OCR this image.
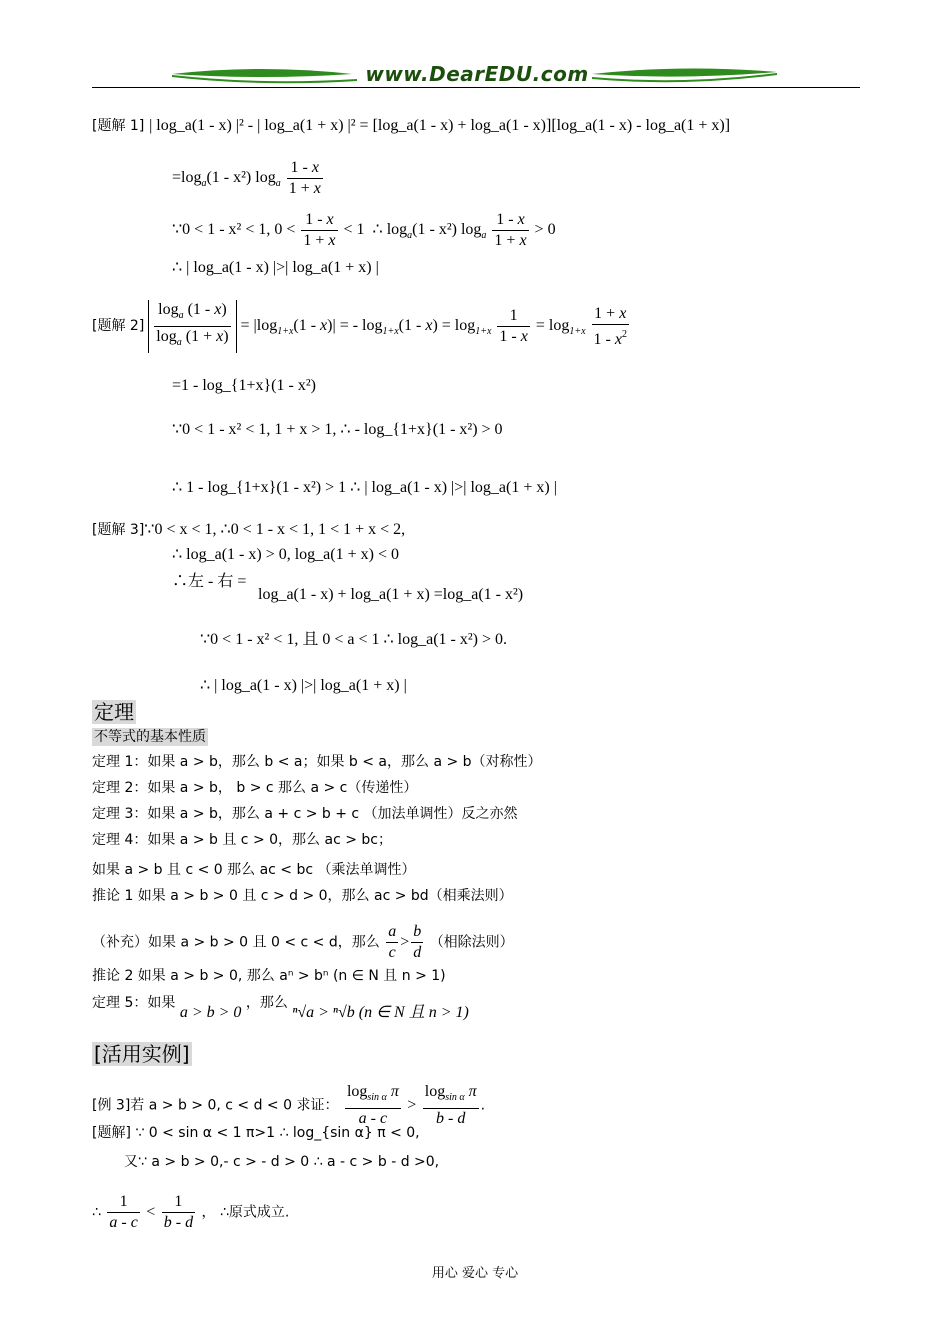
www.DearEDU.com
[题解 1] | log_a(1 - x) |² - | log_a(1 + x) |² = [log_a(1 - x) + log_a(1 - x)][log_a(1 - x) - log_a(1 + x)]
$=\log_a(1 - x^2)$ $\log_a \frac{1 - x}{1 + x}$
∵0 < 1 - x² < 1, $0 < \frac{1 - x}{1 + x} < 1$ ∴ $\log_a(1 - x^2)$ $\log_a \frac{1 - x}{1 + x} > 0$
∴ | log_a(1 - x) |>| log_a(1 + x) |
[题解 $2] \frac{\log_a (1 - x)}{\log_a (1 + x)} = |\log_{1+x}(1 - x)|$ = - $\log_{1+x}(1 - x) = \log_{1+x} \frac{1}{1 - x} = \log_{1+x} \frac{1 + x}{1 - x^2}$
=1 - log_{1+x}(1 - x²)
∵0 < 1 - x² < 1, 1 + x > 1, ∴ - log_{1+x}(1 - x²) > 0
∴ 1 - log_{1+x}(1 - x²) > 1 ∴ | log_a(1 - x) |>| log_a(1 + x) |
[题解 3]∵0 < x < 1, ∴0 < 1 - x < 1, 1 < 1 + x < 2,
∴ log_a(1 - x) > 0, log_a(1 + x) < 0
∴左 - 右 =
log_a(1 - x) + log_a(1 + x) =log_a(1 - x²)
∵0 < 1 - x² < 1, 且 0 < a < 1 ∴ log_a(1 - x²) > 0.
∴ | log_a(1 - x) |>| log_a(1 + x) |
定理
不等式的基本性质
定理 1：如果 a > b，那么 b < a；如果 b < a，那么 a > b（对称性）
定理 2：如果 a > b， b > c 那么 a > c（传递性）
定理 3：如果 a > b，那么 a + c > b + c （加法单调性）反之亦然
定理 4：如果 a > b 且 c > 0，那么 ac > bc；
如果 a > b 且 c < 0 那么 ac < bc （乘法单调性）
推论 1 如果 a > b > 0 且 c > d > 0，那么 ac > bd（相乘法则）
（补充）如果 a > b > 0 且 0 < c < d，那么 $\frac{a}{c} > \frac{b}{d}$ （相除法则）
推论 2 如果 a > b > 0, 那么 aⁿ > bⁿ (n ∈ N 且 n > 1)
定理 5：如果 a > b > 0 ，那么 ⁿ√a > ⁿ√b (n ∈ N 且 n > 1)
[活用实例]
[例 3]若 a > b > 0, c < d < 0 求证： $\frac{\log_{sin \alpha} \pi}{a - c} > \frac{\log_{sin \alpha} \pi}{b - d}$ .
[题解] ∵ 0 < sin α < 1 π>1 ∴ log_{sin α} π < 0,
又∵ a > b > 0,- c > - d > 0 ∴ a - c > b - d >0,
∴ $\frac{1}{a - c} < \frac{1}{b - d}$ ， ∴原式成立.
用心 爱心 专心
